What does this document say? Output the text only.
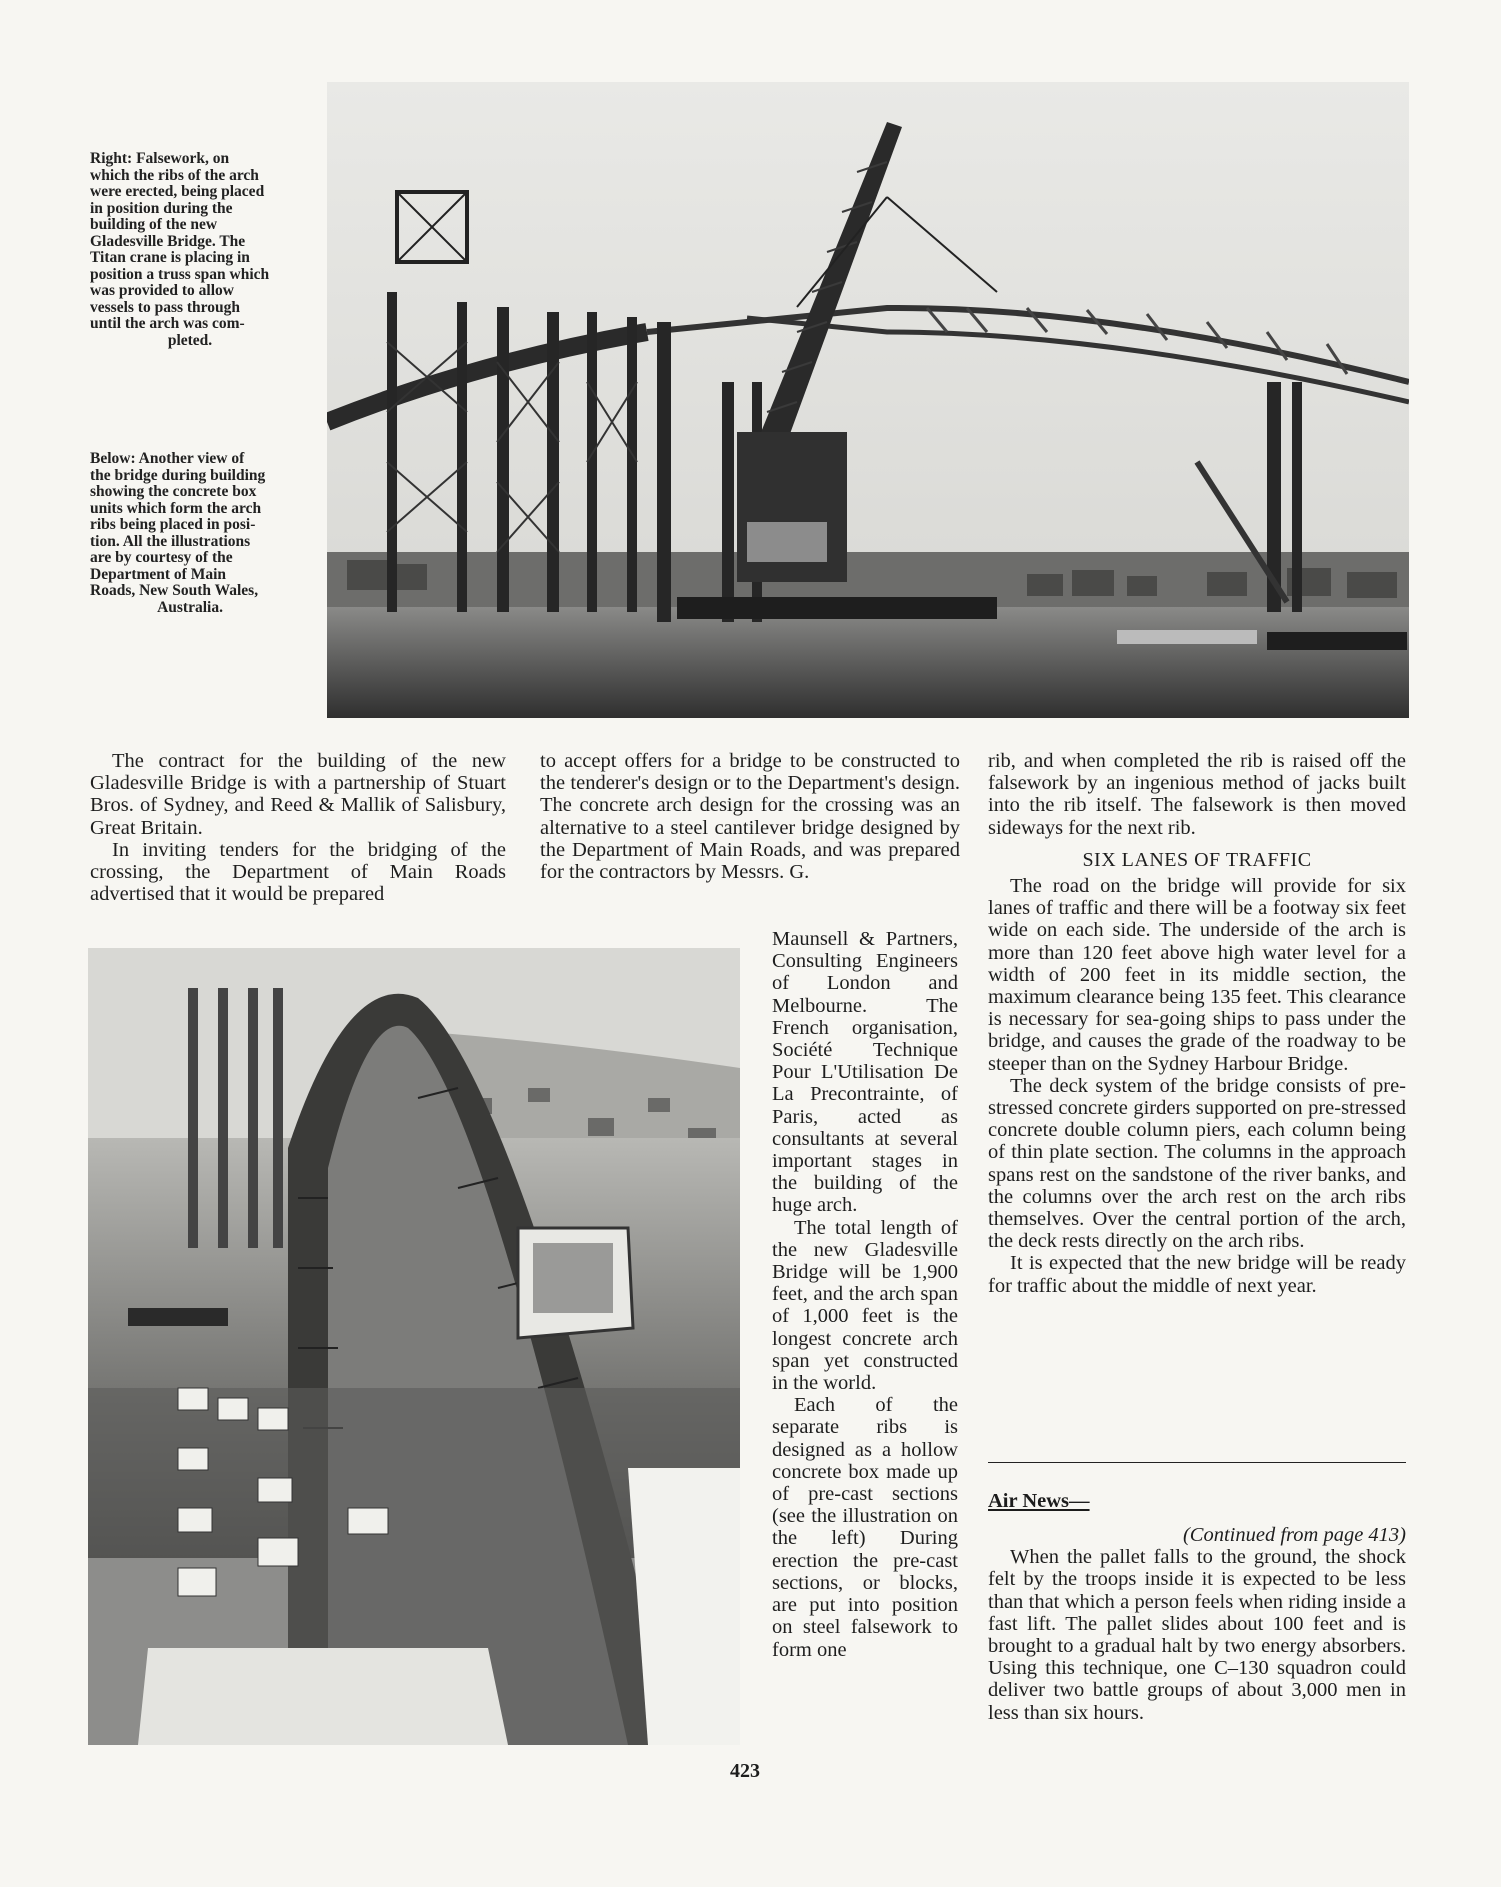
Right: Falsework, on
which the ribs of the arch
were erected, being placed
in position during the
building of the new
Gladesville Bridge. The
Titan crane is placing in
position a truss span which
was provided to allow
vessels to pass through
until the arch was com-
pleted.
Below: Another view of
the bridge during building
showing the concrete box
units which form the arch
ribs being placed in posi-
tion. All the illustrations
are by courtesy of the
Department of Main
Roads, New South Wales,
Australia.

The contract for the building of the new Gladesville Bridge is with a partnership of Stuart Bros. of Sydney, and Reed & Mallik of Salisbury, Great Britain.

In inviting tenders for the bridging of the crossing, the Department of Main Roads advertised that it would be prepared

to accept offers for a bridge to be constructed to the tenderer's design or to the Department's design. The concrete arch design for the crossing was an alternative to a steel cantilever bridge designed by the Department of Main Roads, and was prepared for the contractors by Messrs. G.

Maunsell & Partners, Consulting Engineers of London and Melbourne. The French organisation, Société Technique Pour L'Utilisation De La Precontrainte, of Paris, acted as consultants at several important stages in the building of the huge arch.

The total length of the new Gladesville Bridge will be 1,900 feet, and the arch span of 1,000 feet is the longest concrete arch span yet constructed in the world.

Each of the separate ribs is designed as a hollow concrete box made up of pre-cast sections (see the illustration on the left) During erection the pre-cast sections, or blocks, are put into position on steel falsework to form one

rib, and when completed the rib is raised off the falsework by an ingenious method of jacks built into the rib itself. The falsework is then moved sideways for the next rib.

SIX LANES OF TRAFFIC

The road on the bridge will provide for six lanes of traffic and there will be a footway six feet wide on each side. The underside of the arch is more than 120 feet above high water level for a width of 200 feet in its middle section, the maximum clearance being 135 feet. This clearance is necessary for sea-going ships to pass under the bridge, and causes the grade of the roadway to be steeper than on the Sydney Harbour Bridge.

The deck system of the bridge consists of pre-stressed concrete girders supported on pre-stressed concrete double column piers, each column being of thin plate section. The columns in the approach spans rest on the sandstone of the river banks, and the columns over the arch rest on the arch ribs themselves. Over the central portion of the arch, the deck rests directly on the arch ribs.

It is expected that the new bridge will be ready for traffic about the middle of next year.

Air News—
(Continued from page 413)

When the pallet falls to the ground, the shock felt by the troops inside it is expected to be less than that which a person feels when riding inside a fast lift. The pallet slides about 100 feet and is brought to a gradual halt by two energy absorbers. Using this technique, one C–130 squadron could deliver two battle groups of about 3,000 men in less than six hours.

423
